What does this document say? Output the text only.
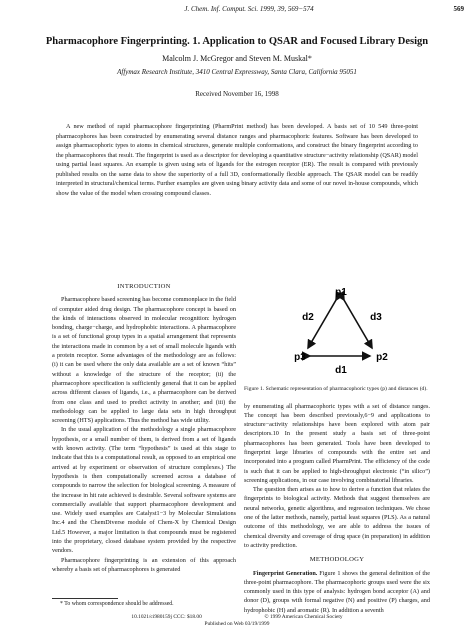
J. Chem. Inf. Comput. Sci. 1999, 39, 569−574	569
Pharmacophore Fingerprinting. 1. Application to QSAR and Focused Library Design
Malcolm J. McGregor and Steven M. Muskal*
Affymax Research Institute, 3410 Central Expressway, Santa Clara, California 95051
Received November 16, 1998

A new method of rapid pharmacophore fingerprinting (PharmPrint method) has been developed. A basis set of 10 549 three-point pharmacophores has been constructed by enumerating several distance ranges and pharmacophoric features. Software has been developed to assign pharmacophoric types to atoms in chemical structures, generate multiple conformations, and construct the binary fingerprint according to the pharmacophores that result. The fingerprint is used as a descriptor for developing a quantitative structure−activity relationship (QSAR) model using partial least squares. An example is given using sets of ligands for the estrogen receptor (ER). The result is compared with previously published results on the same data to show the superiority of a full 3D, conformationally flexible approach. The QSAR model can be readily interpreted in structural/chemical terms. Further examples are given using binary activity data and some of our novel in-house compounds, which show the value of the model when crossing compound classes.

INTRODUCTION

Pharmacophore based screening has become commonplace in the field of computer aided drug design. The pharmacophore concept is based on the kinds of interactions observed in molecular recognition: hydrogen bonding, charge−charge, and hydrophobic interactions. A pharmacophore is a set of functional group types in a spatial arrangement that represents the interactions made in common by a set of small molecule ligands with a protein receptor. Some advantages of the methodology are as follows: (i) it can be used where the only data available are a set of known “hits” without a knowledge of the structure of the receptor; (ii) the pharmacophore specification is sufficiently general that it can be applied across different classes of ligands, i.e., a pharmacophore can be derived from one class and used to predict activity in another; and (iii) the methodology can be applied to large data sets in high throughput screening (HTS) applications. Thus the method has wide utility.

In the usual application of the methodology a single pharmacophore hypothesis, or a small number of them, is derived from a set of ligands with known activity. (The term “hypothesis” is used at this stage to indicate that this is a computational result, as opposed to an empirical one arrived at by experiment or observation of structure complexes.) The hypothesis is then computationally screened across a database of compounds to narrow the selection for biological screening. A measure of the increase in hit rate achieved is desirable. Several software systems are commercially available that support pharmacophore development and use. Widely used examples are Catalyst1−3 by Molecular Simulations Inc.4 and the ChemDiverse module of Chem-X by Chemical Design Ltd.5 However, a major limitation is that compounds must be registered into the proprietary, closed database system provided by the respective vendors.

Pharmacophore fingerprinting is an extension of this approach whereby a basis set of pharmacophores is generated

p1
p3	p2
d2	d3
d1
Figure 1. Schematic representation of pharmacophoric types (p) and distances (d).

by enumerating all pharmacophoric types with a set of distance ranges. The concept has been described previously,6−9 and applications to structure−activity relationships have been explored with atom pair descriptors.10 In the present study a basis set of three-point pharmacophores has been generated. Tools have been developed to fingerprint large libraries of compounds with the entire set and incorporated into a program called PharmPrint. The efficiency of the code is such that it can be applied to high-throughput electronic (“in silico”) screening applications, in our case involving combinatorial libraries.

The question then arises as to how to derive a function that relates the fingerprints to biological activity. Methods that suggest themselves are neural networks, genetic algorithms, and regression techniques. We chose one of the latter methods, namely, partial least squares (PLS). As a natural outcome of this methodology, we are able to address the issues of chemical diversity and coverage of drug space (in preparation) in addition to activity prediction.

METHODOLOGY

Fingerprint Generation. Figure 1 shows the general definition of the three-point pharmacophore. The pharmacophoric groups used were the six commonly used in this type of analysis: hydrogen bond acceptor (A) and donor (D), groups with formal negative (N) and positive (P) charges, and hydrophobic (H) and aromatic (R). In addition a seventh

* To whom correspondence should be addressed.
10.1021/ci980159j CCC: $18.00	© 1999 American Chemical Society
Published on Web 03/19/1999
